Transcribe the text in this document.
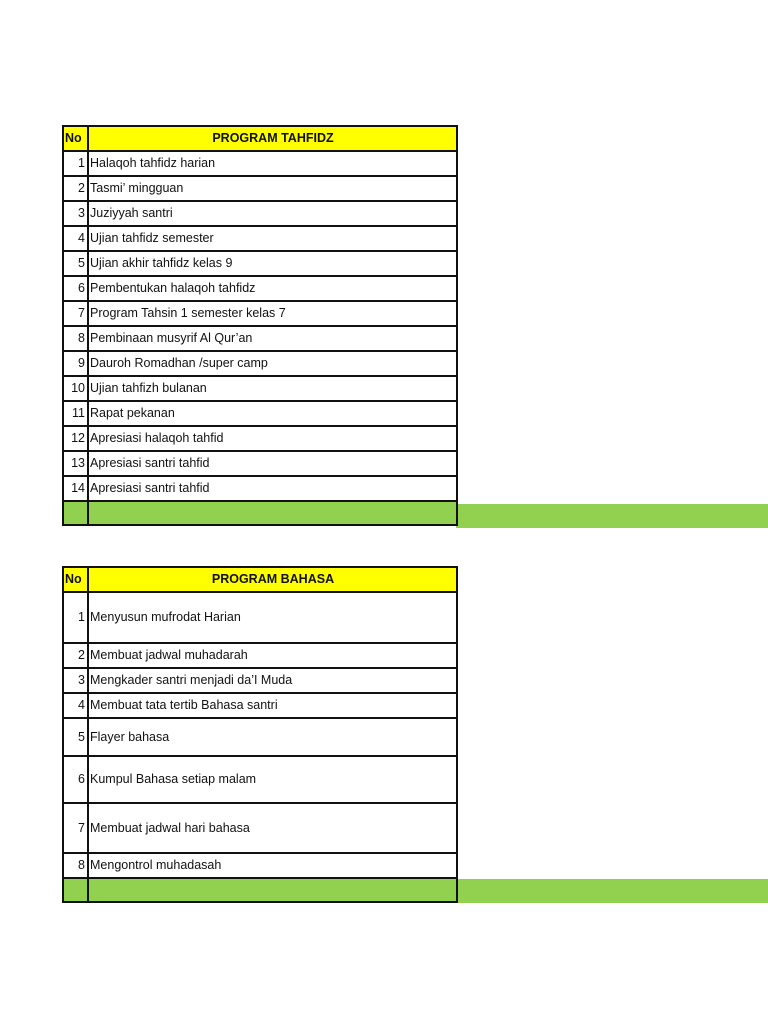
No	PROGRAM TAHFIDZ
1	Halaqoh tahfidz harian
2	Tasmi’ mingguan
3	Juziyyah santri
4	Ujian tahfidz semester
5	Ujian akhir tahfidz kelas 9
6	Pembentukan halaqoh tahfidz
7	Program Tahsin 1 semester kelas 7
8	Pembinaan musyrif Al Qur’an
9	Dauroh Romadhan /super camp
10	Ujian tahfizh bulanan
11	Rapat pekanan
12	Apresiasi halaqoh tahfid
13	Apresiasi santri tahfid
14	Apresiasi santri tahfid

No	PROGRAM BAHASA
1	Menyusun mufrodat Harian
2	Membuat jadwal muhadarah
3	Mengkader santri menjadi da’I Muda
4	Membuat tata tertib Bahasa santri
5	Flayer bahasa
6	Kumpul Bahasa setiap malam
7	Membuat jadwal hari bahasa
8	Mengontrol muhadasah
